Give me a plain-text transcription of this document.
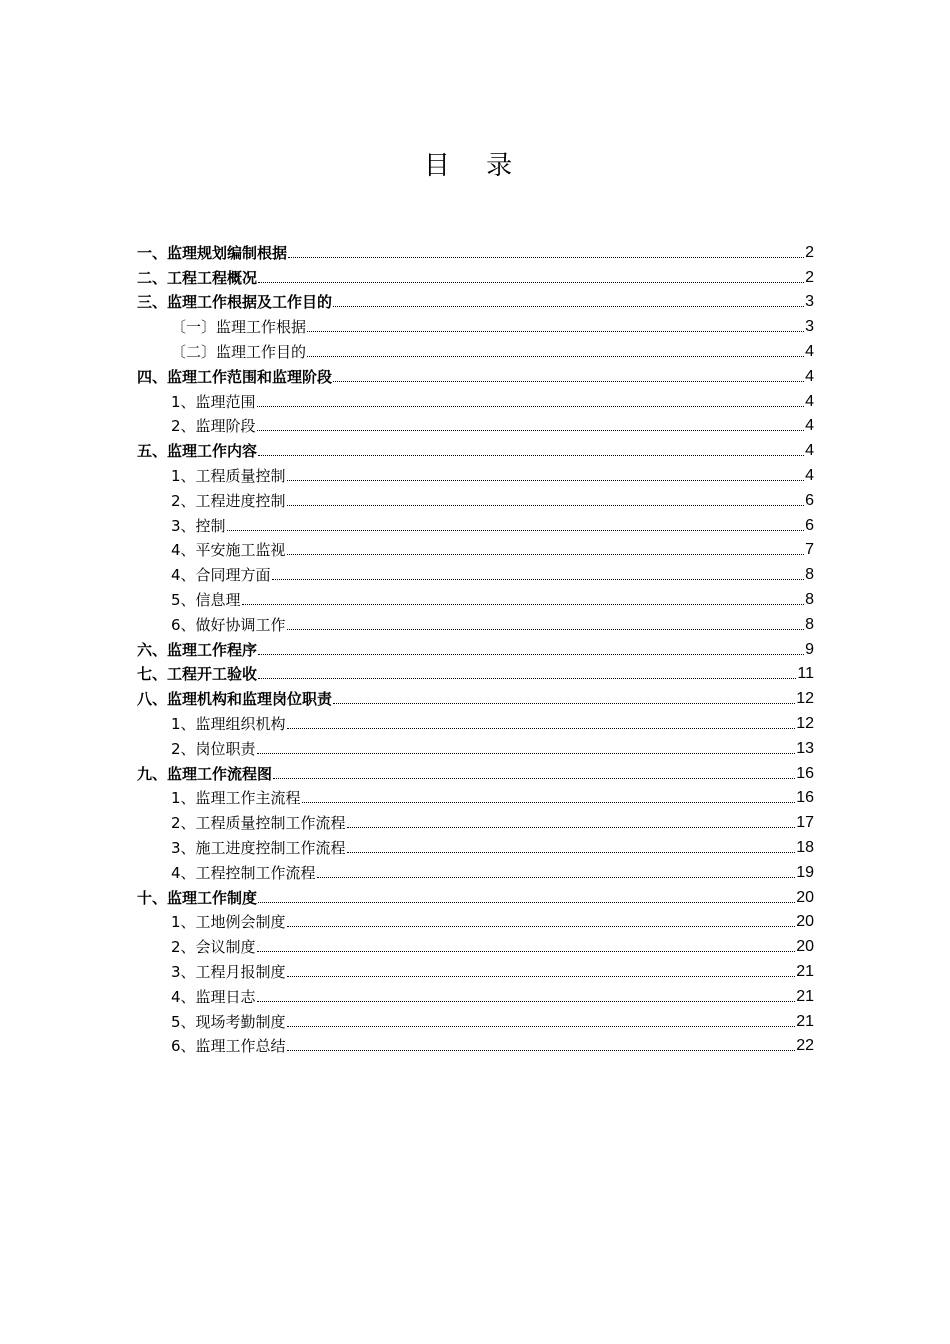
目 录
一、监理规划编制根据	2
二、工程工程概况	2
三、监理工作根据及工作目的	3
〔一〕监理工作根据	3
〔二〕监理工作目的	4
四、监理工作范围和监理阶段	4
1、监理范围	4
2、监理阶段	4
五、监理工作内容	4
1、工程质量控制	4
2、工程进度控制	6
3、控制	6
4、平安施工监视	7
4、合同理方面	8
5、信息理	8
6、做好协调工作	8
六、监理工作程序	9
七、工程开工验收	11
八、监理机构和监理岗位职责	12
1、监理组织机构	12
2、岗位职责	13
九、监理工作流程图	16
1、监理工作主流程	16
2、工程质量控制工作流程	17
3、施工进度控制工作流程	18
4、工程控制工作流程	19
十、监理工作制度	20
1、工地例会制度	20
2、会议制度	20
3、工程月报制度	21
4、监理日志	21
5、现场考勤制度	21
6、监理工作总结	22
